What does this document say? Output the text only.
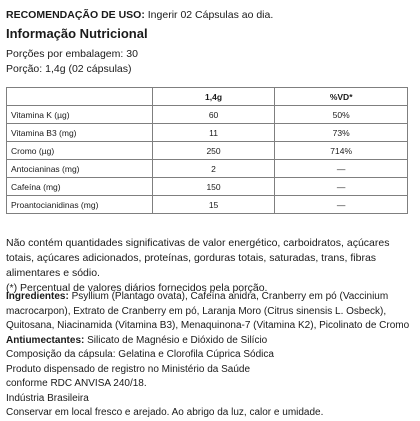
RECOMENDAÇÃO DE USO: Ingerir 02 Cápsulas ao dia.
Informação Nutricional
Porções por embalagem: 30
Porção: 1,4g (02 cápsulas)
	1,4g	%VD*
Vitamina K (µg)	60	50%
Vitamina B3 (mg)	11	73%
Cromo (µg)	250	714%
Antocianinas (mg)	2	—
Cafeína (mg)	150	—
Proantocianidinas (mg)	15	—
Não contém quantidades significativas de valor energético, carboidratos, açúcares totais, açúcares adicionados, proteínas, gorduras totais, saturadas, trans, fibras alimentares e sódio.
(*) Percentual de valores diários fornecidos pela porção.
Ingredientes: Psyllium (Plantago ovata), Cafeína anidra, Cranberry em pó (Vaccinium macrocarpon), Extrato de Cranberry em pó, Laranja Moro (Citrus sinensis L. Osbeck), Quitosana, Niacinamida (Vitamina B3), Menaquinona-7 (Vitamina K2), Picolinato de Cromo Antiumectantes: Silicato de Magnésio e Dióxido de Silício
Composição da cápsula: Gelatina e Clorofila Cúprica Sódica
Produto dispensado de registro no Ministério da Saúde
conforme RDC ANVISA 240/18.
Indústria Brasileira
Conservar em local fresco e arejado. Ao abrigo da luz, calor e umidade.
